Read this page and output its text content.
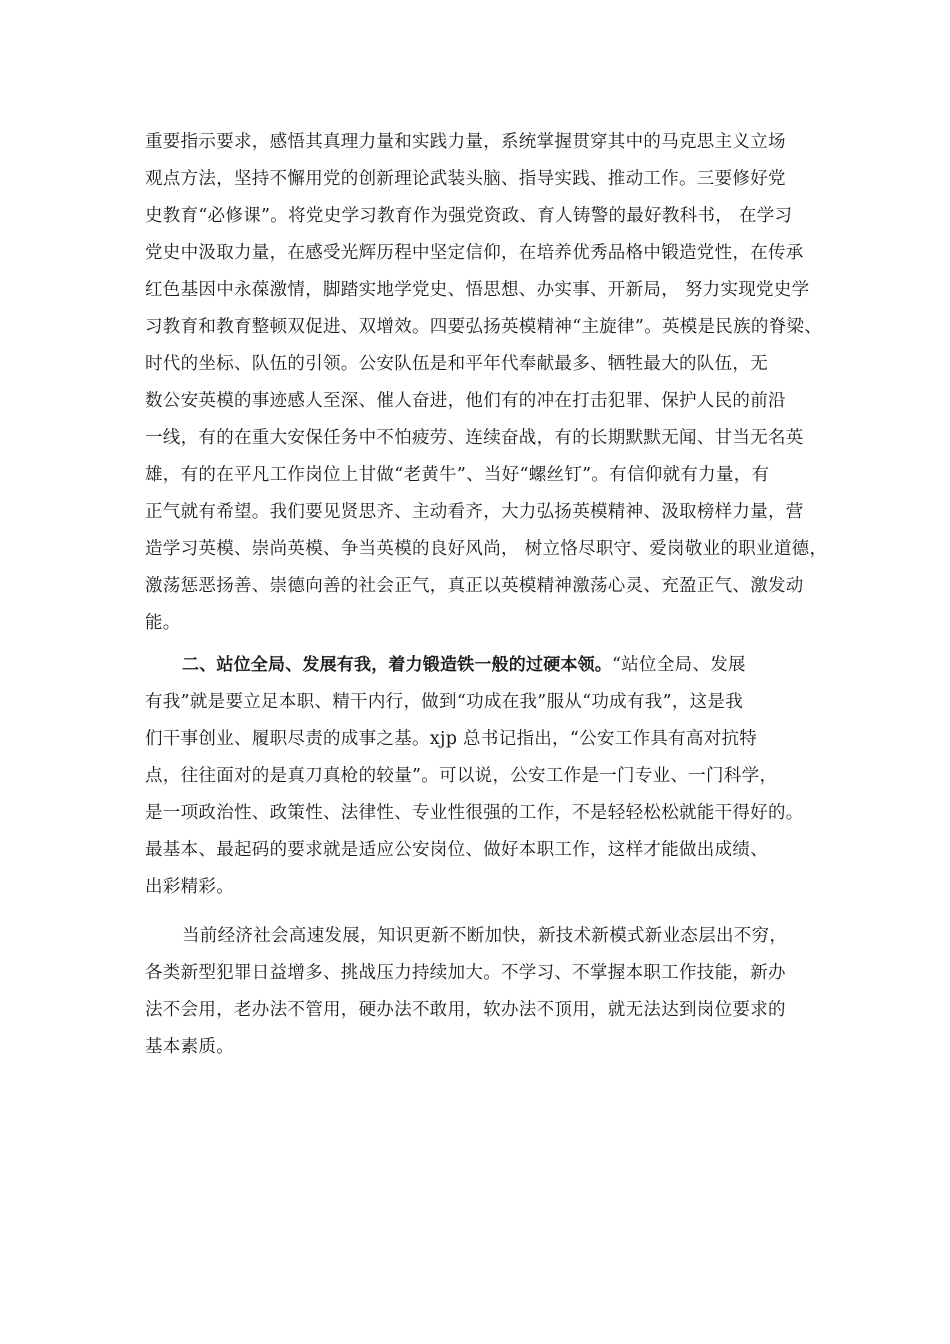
重要指示要求，感悟其真理力量和实践力量，系统掌握贯穿其中的马克思主义立场
观点方法，坚持不懈用党的创新理论武装头脑、指导实践、推动工作。三要修好党
史教育“必修课”。将党史学习教育作为强党资政、育人铸警的最好教科书， 在学习
党史中汲取力量，在感受光辉历程中坚定信仰，在培养优秀品格中锻造党性，在传承
红色基因中永葆激情，脚踏实地学党史、悟思想、办实事、开新局， 努力实现党史学
习教育和教育整顿双促进、双增效。四要弘扬英模精神“主旋律”。英模是民族的脊梁、
时代的坐标、队伍的引领。公安队伍是和平年代奉献最多、牺牲最大的队伍，无
数公安英模的事迹感人至深、催人奋进，他们有的冲在打击犯罪、保护人民的前沿
一线，有的在重大安保任务中不怕疲劳、连续奋战，有的长期默默无闻、甘当无名英
雄，有的在平凡工作岗位上甘做“老黄牛”、当好“螺丝钉”。有信仰就有力量，有
正气就有希望。我们要见贤思齐、主动看齐，大力弘扬英模精神、汲取榜样力量，营
造学习英模、崇尚英模、争当英模的良好风尚， 树立恪尽职守、爱岗敬业的职业道德，
激荡惩恶扬善、崇德向善的社会正气，真正以英模精神激荡心灵、充盈正气、激发动
能。
二、站位全局、发展有我，着力锻造铁一般的过硬本领。“站位全局、发展
有我”就是要立足本职、精干内行，做到“功成在我”服从“功成有我”，这是我
们干事创业、履职尽责的成事之基。xjp 总书记指出，“公安工作具有高对抗特
点，往往面对的是真刀真枪的较量”。可以说，公安工作是一门专业、一门科学，
是一项政治性、政策性、法律性、专业性很强的工作，不是轻轻松松就能干得好的。
最基本、最起码的要求就是适应公安岗位、做好本职工作，这样才能做出成绩、
出彩精彩。
当前经济社会高速发展，知识更新不断加快，新技术新模式新业态层出不穷，
各类新型犯罪日益增多、挑战压力持续加大。不学习、不掌握本职工作技能，新办
法不会用，老办法不管用，硬办法不敢用，软办法不顶用，就无法达到岗位要求的
基本素质。
